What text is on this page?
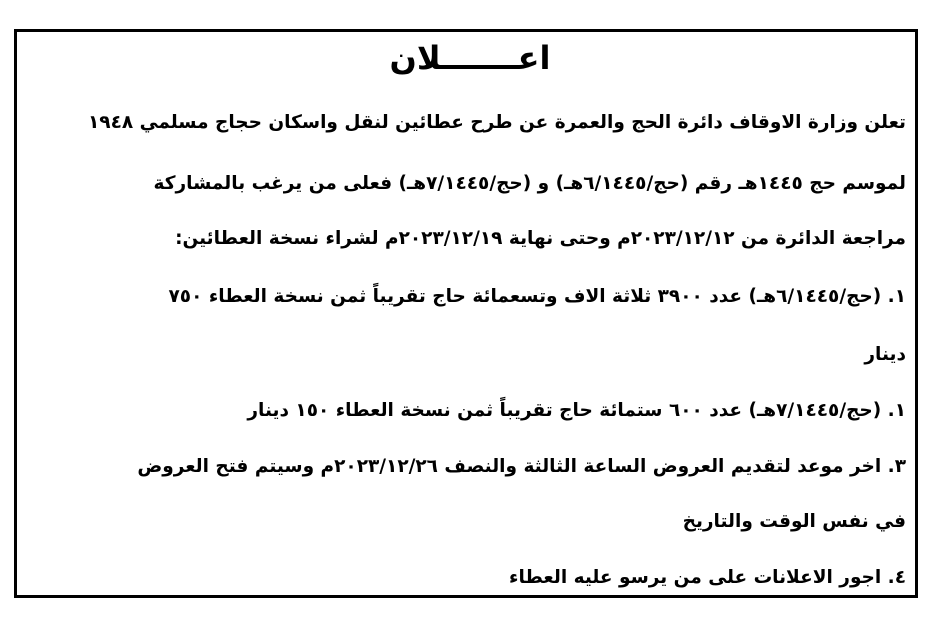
اعـــــــلان
تعلن وزارة الاوقاف دائرة الحج والعمرة عن طرح عطائين لنقل واسكان حجاج مسلمي ١٩٤٨
لموسم حج ١٤٤٥هـ رقم (حج/٦/١٤٤٥هـ) و (حج/٧/١٤٤٥هـ) فعلى من يرغب بالمشاركة
مراجعة الدائرة من ٢٠٢٣/١٢/١٢م وحتى نهاية ٢٠٢٣/١٢/١٩م لشراء نسخة العطائين:
١. (حج/٦/١٤٤٥هـ) عدد ٣٩٠٠ ثلاثة الاف وتسعمائة حاج تقريباً ثمن نسخة العطاء ٧٥٠
دينار
١. (حج/٧/١٤٤٥هـ) عدد ٦٠٠ ستمائة حاج تقريباً ثمن نسخة العطاء ١٥٠ دينار
٣. اخر موعد لتقديم العروض الساعة الثالثة والنصف ٢٠٢٣/١٢/٢٦م وسيتم فتح العروض
في نفس الوقت والتاريخ
٤. اجور الاعلانات على من يرسو عليه العطاء
